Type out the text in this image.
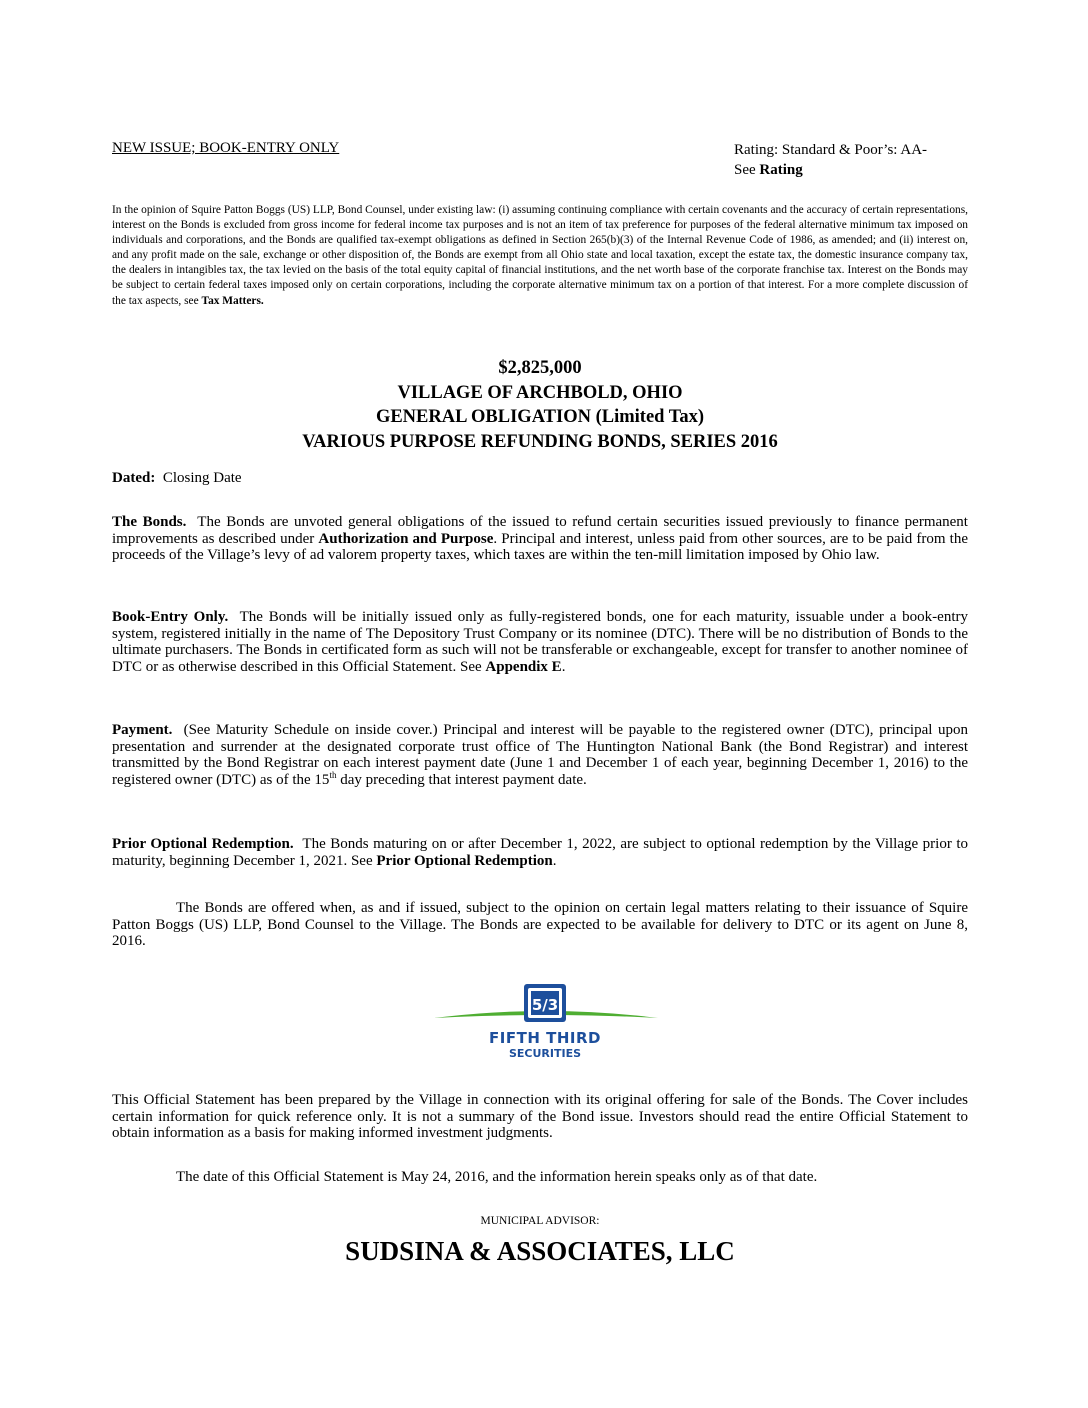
NEW ISSUE; BOOK-ENTRY ONLY	Rating: Standard & Poor’s: AA-
See Rating
In the opinion of Squire Patton Boggs (US) LLP, Bond Counsel, under existing law: (i) assuming continuing compliance with certain covenants and the accuracy of certain representations, interest on the Bonds is excluded from gross income for federal income tax purposes and is not an item of tax preference for purposes of the federal alternative minimum tax imposed on individuals and corporations, and the Bonds are qualified tax-exempt obligations as defined in Section 265(b)(3) of the Internal Revenue Code of 1986, as amended; and (ii) interest on, and any profit made on the sale, exchange or other disposition of, the Bonds are exempt from all Ohio state and local taxation, except the estate tax, the domestic insurance company tax, the dealers in intangibles tax, the tax levied on the basis of the total equity capital of financial institutions, and the net worth base of the corporate franchise tax. Interest on the Bonds may be subject to certain federal taxes imposed only on certain corporations, including the corporate alternative minimum tax on a portion of that interest. For a more complete discussion of the tax aspects, see Tax Matters.
$2,825,000
VILLAGE OF ARCHBOLD, OHIO
GENERAL OBLIGATION (Limited Tax)
VARIOUS PURPOSE REFUNDING BONDS, SERIES 2016
Dated: Closing Date
The Bonds. The Bonds are unvoted general obligations of the issued to refund certain securities issued previously to finance permanent improvements as described under Authorization and Purpose. Principal and interest, unless paid from other sources, are to be paid from the proceeds of the Village’s levy of ad valorem property taxes, which taxes are within the ten-mill limitation imposed by Ohio law.
Book-Entry Only. The Bonds will be initially issued only as fully-registered bonds, one for each maturity, issuable under a book-entry system, registered initially in the name of The Depository Trust Company or its nominee (DTC). There will be no distribution of Bonds to the ultimate purchasers. The Bonds in certificated form as such will not be transferable or exchangeable, except for transfer to another nominee of DTC or as otherwise described in this Official Statement. See Appendix E.
Payment. (See Maturity Schedule on inside cover.) Principal and interest will be payable to the registered owner (DTC), principal upon presentation and surrender at the designated corporate trust office of The Huntington National Bank (the Bond Registrar) and interest transmitted by the Bond Registrar on each interest payment date (June 1 and December 1 of each year, beginning December 1, 2016) to the registered owner (DTC) as of the 15th day preceding that interest payment date.
Prior Optional Redemption. The Bonds maturing on or after December 1, 2022, are subject to optional redemption by the Village prior to maturity, beginning December 1, 2021. See Prior Optional Redemption.
The Bonds are offered when, as and if issued, subject to the opinion on certain legal matters relating to their issuance of Squire Patton Boggs (US) LLP, Bond Counsel to the Village. The Bonds are expected to be available for delivery to DTC or its agent on June 8, 2016.
5/3
FIFTH THIRD
SECURITIES
This Official Statement has been prepared by the Village in connection with its original offering for sale of the Bonds. The Cover includes certain information for quick reference only. It is not a summary of the Bond issue. Investors should read the entire Official Statement to obtain information as a basis for making informed investment judgments.
The date of this Official Statement is May 24, 2016, and the information herein speaks only as of that date.
MUNICIPAL ADVISOR:
SUDSINA & ASSOCIATES, LLC
